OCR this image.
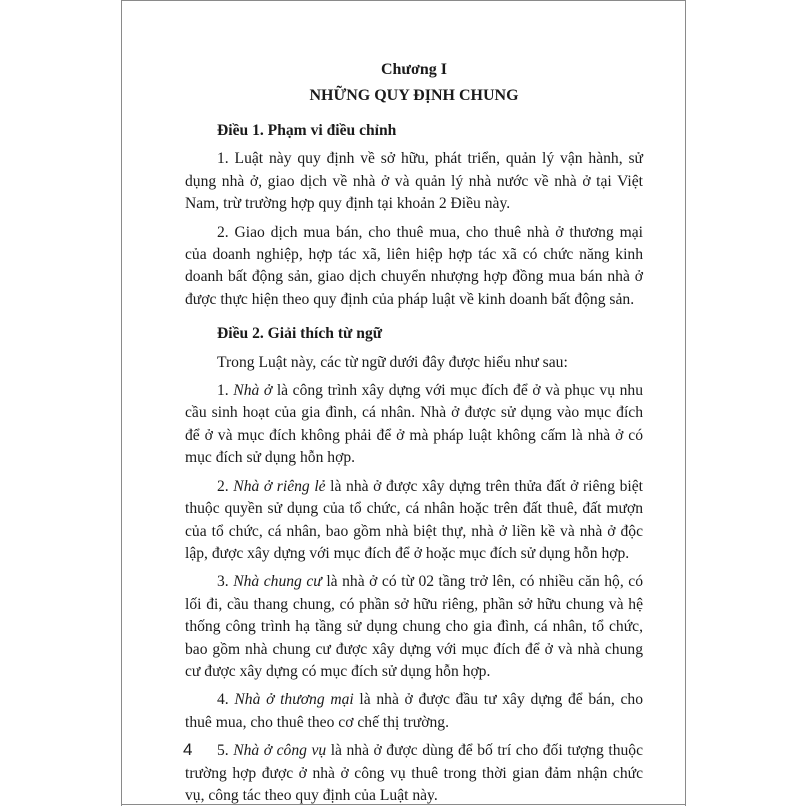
Chương I

NHỮNG QUY ĐỊNH CHUNG

Điều 1. Phạm vi điều chỉnh

1. Luật này quy định về sở hữu, phát triển, quản lý vận hành, sử dụng nhà ở, giao dịch về nhà ở và quản lý nhà nước về nhà ở tại Việt Nam, trừ trường hợp quy định tại khoản 2 Điều này.

2. Giao dịch mua bán, cho thuê mua, cho thuê nhà ở thương mại của doanh nghiệp, hợp tác xã, liên hiệp hợp tác xã có chức năng kinh doanh bất động sản, giao dịch chuyển nhượng hợp đồng mua bán nhà ở được thực hiện theo quy định của pháp luật về kinh doanh bất động sản.

Điều 2. Giải thích từ ngữ

Trong Luật này, các từ ngữ dưới đây được hiểu như sau:

1. Nhà ở là công trình xây dựng với mục đích để ở và phục vụ nhu cầu sinh hoạt của gia đình, cá nhân. Nhà ở được sử dụng vào mục đích để ở và mục đích không phải để ở mà pháp luật không cấm là nhà ở có mục đích sử dụng hỗn hợp.

2. Nhà ở riêng lẻ là nhà ở được xây dựng trên thửa đất ở riêng biệt thuộc quyền sử dụng của tổ chức, cá nhân hoặc trên đất thuê, đất mượn của tổ chức, cá nhân, bao gồm nhà biệt thự, nhà ở liền kề và nhà ở độc lập, được xây dựng với mục đích để ở hoặc mục đích sử dụng hỗn hợp.

3. Nhà chung cư là nhà ở có từ 02 tầng trở lên, có nhiều căn hộ, có lối đi, cầu thang chung, có phần sở hữu riêng, phần sở hữu chung và hệ thống công trình hạ tầng sử dụng chung cho gia đình, cá nhân, tổ chức, bao gồm nhà chung cư được xây dựng với mục đích để ở và nhà chung cư được xây dựng có mục đích sử dụng hỗn hợp.

4. Nhà ở thương mại là nhà ở được đầu tư xây dựng để bán, cho thuê mua, cho thuê theo cơ chế thị trường.

5. Nhà ở công vụ là nhà ở được dùng để bố trí cho đối tượng thuộc trường hợp được ở nhà ở công vụ thuê trong thời gian đảm nhận chức vụ, công tác theo quy định của Luật này.

4
